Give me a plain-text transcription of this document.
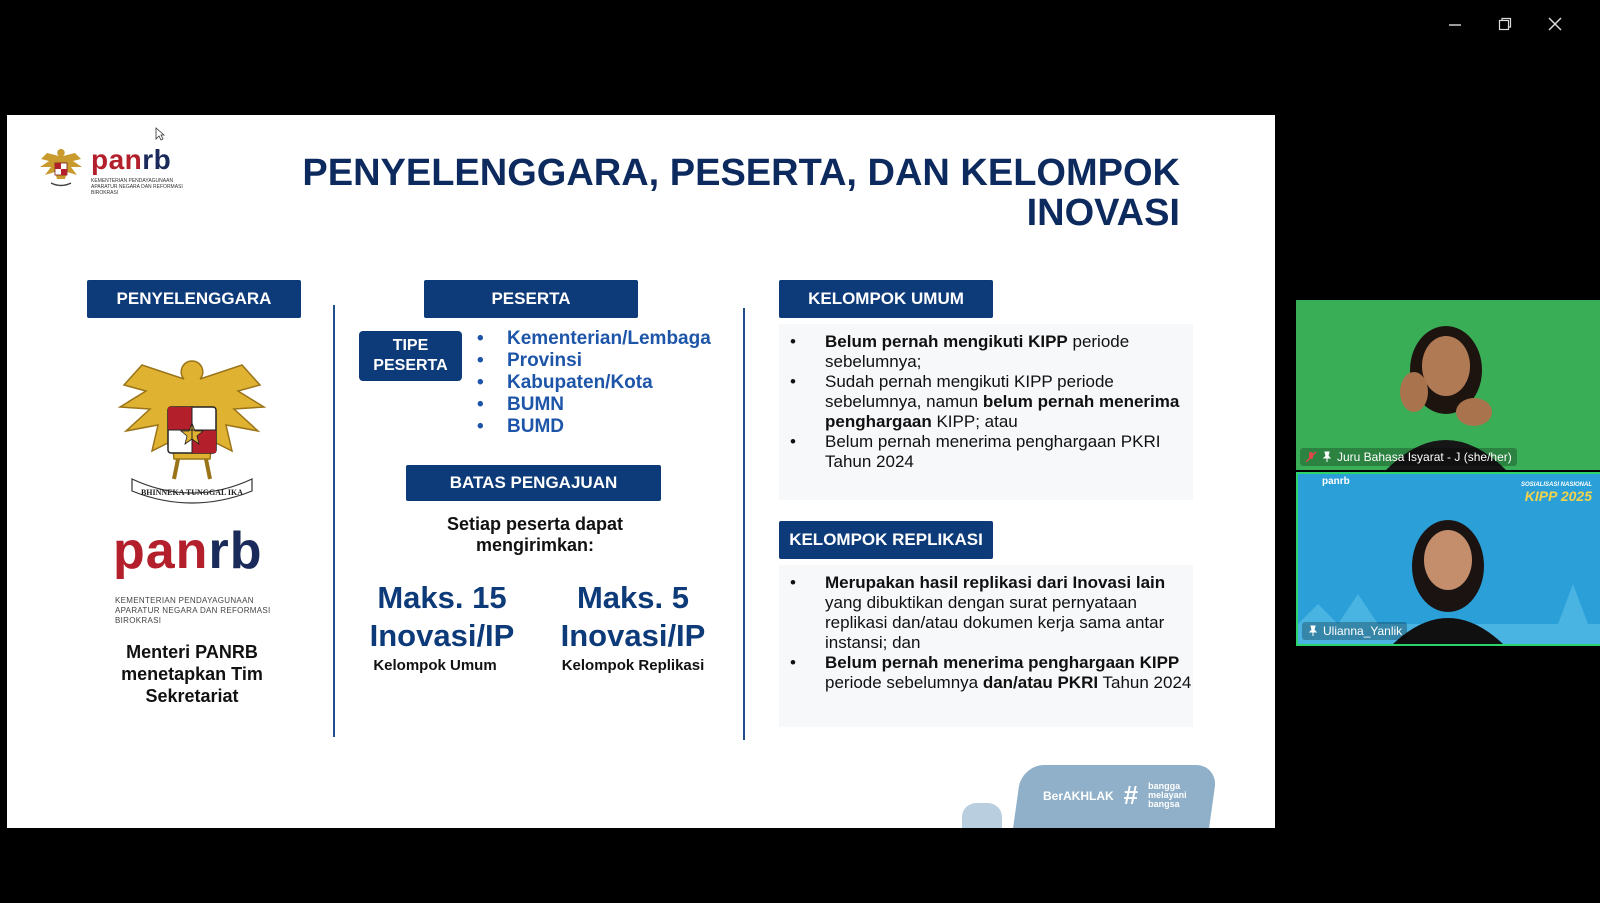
panrb
KEMENTERIAN PENDAYAGUNAAN APARATUR NEGARA DAN REFORMASI BIROKRASI	PENYELENGGARA, PESERTA, DAN KELOMPOK
INOVASI
PENYELENGGARA
BHINNEKA TUNGGAL IKA
panrb
KEMENTERIAN PENDAYAGUNAAN APARATUR NEGARA DAN REFORMASI BIROKRASI
Menteri PANRB menetapkan Tim Sekretariat
PESERTA
TIPE
PESERTA
• Kementerian/Lembaga
• Provinsi
• Kabupaten/Kota
• BUMN
• BUMD
BATAS PENGAJUAN
Setiap peserta dapat mengirimkan:
Maks. 15
Inovasi/IP
Kelompok Umum
Maks. 5
Inovasi/IP
Kelompok Replikasi
KELOMPOK UMUM
• Belum pernah mengikuti KIPP periode sebelumnya;
• Sudah pernah mengikuti KIPP periode sebelumnya, namun belum pernah menerima penghargaan KIPP; atau
• Belum pernah menerima penghargaan PKRI Tahun 2024
KELOMPOK REPLIKASI
• Merupakan hasil replikasi dari Inovasi lain yang dibuktikan dengan surat pernyataan replikasi dan/atau dokumen kerja sama antar instansi; dan
• Belum pernah menerima penghargaan KIPP periode sebelumnya dan/atau PKRI Tahun 2024
BerAKHLAK # bangga
melayani
bangsa
Juru Bahasa Isyarat - J (she/her)
panrb	SOSIALISASI NASIONAL
KIPP 2025
Ulianna_Yanlik
